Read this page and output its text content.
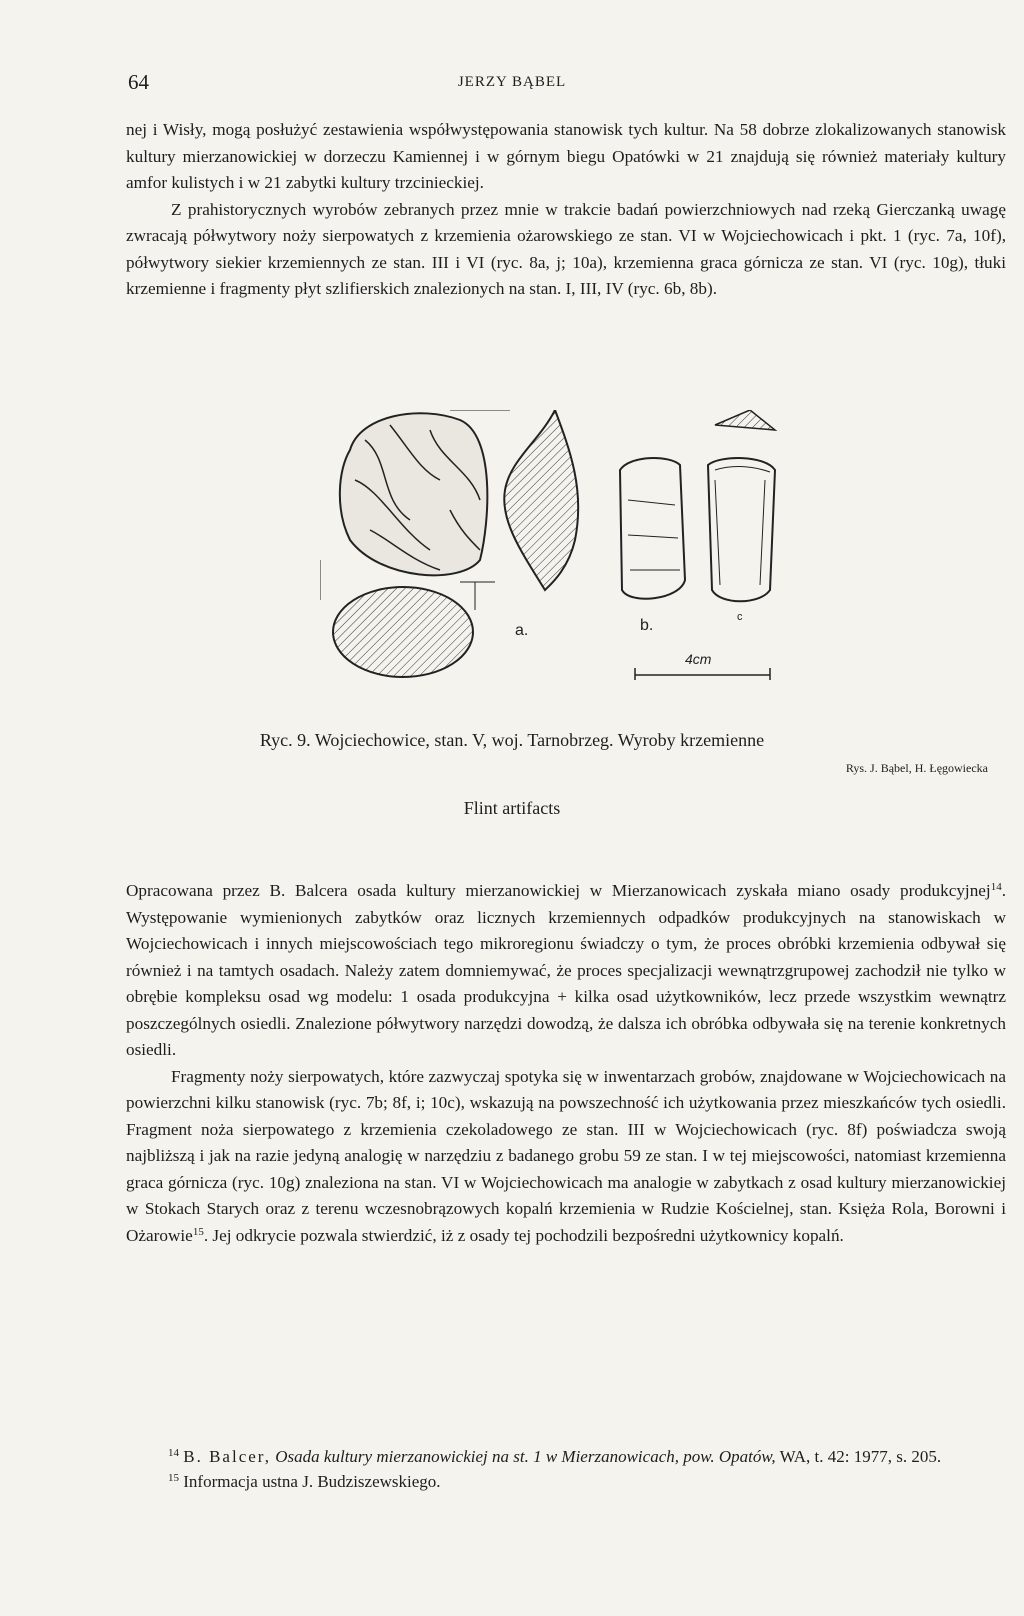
64	JERZY BĄBEL

nej i Wisły, mogą posłużyć zestawienia współwystępowania stanowisk tych kultur. Na 58 dobrze zlokalizowanych stanowisk kultury mierzanowickiej w dorzeczu Kamiennej i w górnym biegu Opatówki w 21 znajdują się również materiały kultury amfor kulistych i w 21 zabytki kultury trzcinieckiej.

Z prahistorycznych wyrobów zebranych przez mnie w trakcie badań powierzchniowych nad rzeką Gierczanką uwagę zwracają półwytwory noży sierpowatych z krzemienia ożarowskiego ze stan. VI w Wojciechowicach i pkt. 1 (ryc. 7a, 10f), półwytwory siekier krzemiennych ze stan. III i VI (ryc. 8a, j; 10a), krzemienna graca górnicza ze stan. VI (ryc. 10g), tłuki krzemienne i fragmenty płyt szlifierskich znalezionych na stan. I, III, IV (ryc. 6b, 8b).

a.	b.	c
4cm
Ryc. 9. Wojciechowice, stan. V, woj. Tarnobrzeg. Wyroby krzemienne
Rys. J. Bąbel, H. Łęgowiecka
Flint artifacts

Opracowana przez B. Balcera osada kultury mierzanowickiej w Mierzanowicach zyskała miano osady produkcyjnej$^{14}$. Występowanie wymienionych zabytków oraz licznych krzemiennych odpadków produkcyjnych na stanowiskach w Wojciechowicach i innych miejscowościach tego mikroregionu świadczy o tym, że proces obróbki krzemienia odbywał się również i na tamtych osadach. Należy zatem domniemywać, że proces specjalizacji wewnątrzgrupowej zachodził nie tylko w obrębie kompleksu osad wg modelu: 1 osada produkcyjna + kilka osad użytkowników, lecz przede wszystkim wewnątrz poszczególnych osiedli. Znalezione półwytwory narzędzi dowodzą, że dalsza ich obróbka odbywała się na terenie konkretnych osiedli.

Fragmenty noży sierpowatych, które zazwyczaj spotyka się w inwentarzach grobów, znajdowane w Wojciechowicach na powierzchni kilku stanowisk (ryc. 7b; 8f, i; 10c), wskazują na powszechność ich użytkowania przez mieszkańców tych osiedli. Fragment noża sierpowatego z krzemienia czekoladowego ze stan. III w Wojciechowicach (ryc. 8f) poświadcza swoją najbliższą i jak na razie jedyną analogię w narzędziu z badanego grobu 59 ze stan. I w tej miejscowości, natomiast krzemienna graca górnicza (ryc. 10g) znaleziona na stan. VI w Wojciechowicach ma analogie w zabytkach z osad kultury mierzanowickiej w Stokach Starych oraz z terenu wczesnobrązowych kopalń krzemienia w Rudzie Kościelnej, stan. Księża Rola, Borowni i Ożarowie$^{15}$. Jej odkrycie pozwala stwierdzić, iż z osady tej pochodzili bezpośredni użytkownicy kopalń.

$^{14}$ B. Balcer, Osada kultury mierzanowickiej na st. 1 w Mierzanowicach, pow. Opatów, WA, t. 42: 1977, s. 205.

$^{15}$ Informacja ustna J. Budziszewskiego.
